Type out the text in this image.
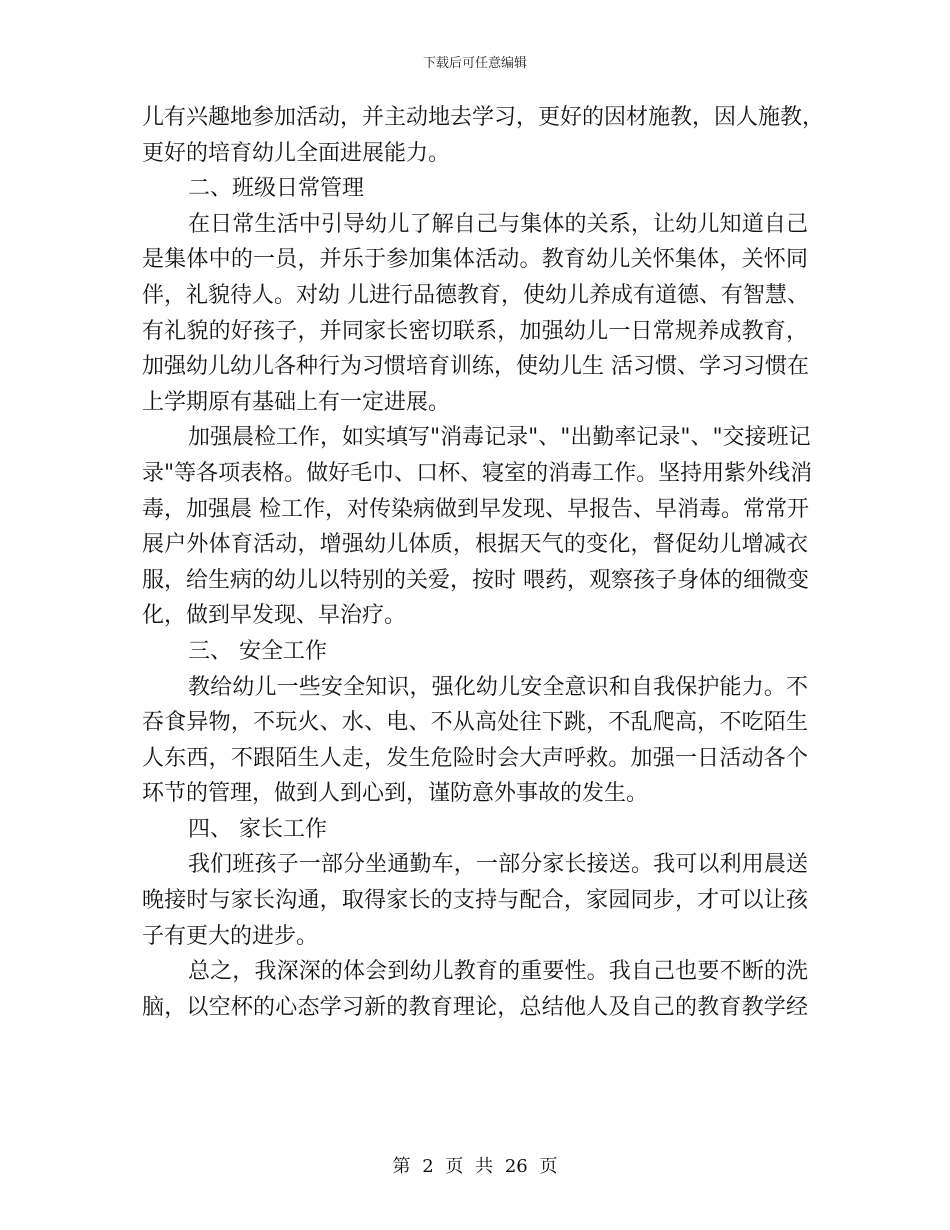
下载后可任意编辑
儿有兴趣地参加活动，并主动地去学习，更好的因材施教，因人施教，
更好的培育幼儿全面进展能力。
二、班级日常管理
在日常生活中引导幼儿了解自己与集体的关系，让幼儿知道自己
是集体中的一员，并乐于参加集体活动。教育幼儿关怀集体，关怀同
伴，礼貌待人。对幼 儿进行品德教育，使幼儿养成有道德、有智慧、
有礼貌的好孩子，并同家长密切联系，加强幼儿一日常规养成教育，
加强幼儿幼儿各种行为习惯培育训练，使幼儿生 活习惯、学习习惯在
上学期原有基础上有一定进展。
加强晨检工作，如实填写"消毒记录"、"出勤率记录"、"交接班记
录"等各项表格。做好毛巾、口杯、寝室的消毒工作。坚持用紫外线消
毒，加强晨 检工作，对传染病做到早发现、早报告、早消毒。常常开
展户外体育活动，增强幼儿体质，根据天气的变化，督促幼儿增减衣
服，给生病的幼儿以特别的关爱，按时 喂药，观察孩子身体的细微变
化，做到早发现、早治疗。
三、 安全工作
教给幼儿一些安全知识，强化幼儿安全意识和自我保护能力。不
吞食异物，不玩火、水、电、不从高处往下跳，不乱爬高，不吃陌生
人东西，不跟陌生人走，发生危险时会大声呼救。加强一日活动各个
环节的管理，做到人到心到，谨防意外事故的发生。
四、 家长工作
我们班孩子一部分坐通勤车，一部分家长接送。我可以利用晨送
晚接时与家长沟通，取得家长的支持与配合，家园同步，才可以让孩
子有更大的进步。
总之，我深深的体会到幼儿教育的重要性。我自己也要不断的洗
脑，以空杯的心态学习新的教育理论，总结他人及自己的教育教学经
第 2 页 共 26 页
